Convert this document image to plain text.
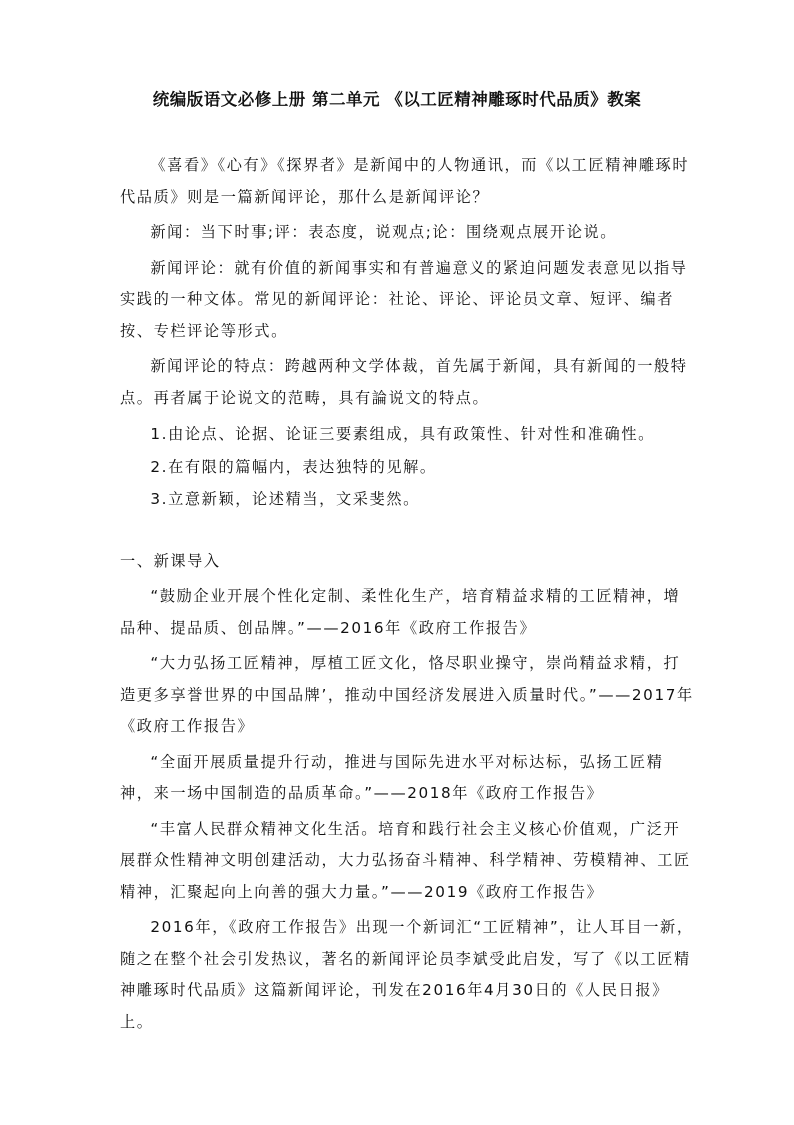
统编版语文必修上册 第二单元 《以工匠精神雕琢时代品质》教案

《喜看》《心有》《探界者》是新闻中的人物通讯，而《以工匠精神雕琢时代品质》则是一篇新闻评论，那什么是新闻评论？

新闻：当下时事;评：表态度，说观点;论：围绕观点展开论说。

新闻评论：就有价值的新闻事实和有普遍意义的紧迫问题发表意见以指导实践的一种文体。常见的新闻评论：社论、评论、评论员文章、短评、编者按、专栏评论等形式。

新闻评论的特点：跨越两种文学体裁，首先属于新闻，具有新闻的一般特点。再者属于论说文的范畴，具有論说文的特点。

1.由论点、论据、论证三要素组成，具有政策性、针对性和准确性。

2.在有限的篇幅内，表达独特的见解。

3.立意新颖，论述精当，文采斐然。

一、新课导入

“鼓励企业开展个性化定制、柔性化生产，培育精益求精的工匠精神，增品种、提品质、创品牌。”——2016年《政府工作报告》

“大力弘扬工匠精神，厚植工匠文化，恪尽职业操守，崇尚精益求精，打造更多享誉世界的中国品牌’，推动中国经济发展进入质量时代。”——2017年《政府工作报告》

“全面开展质量提升行动，推进与国际先进水平对标达标，弘扬工匠精神，来一场中国制造的品质革命。”——2018年《政府工作报告》

“丰富人民群众精神文化生活。培育和践行社会主义核心价值观，广泛开展群众性精神文明创建活动，大力弘扬奋斗精神、科学精神、劳模精神、工匠精神，汇聚起向上向善的强大力量。”——2019《政府工作报告》

2016年，《政府工作报告》出现一个新词汇“工匠精神”，让人耳目一新，随之在整个社会引发热议，著名的新闻评论员李斌受此启发，写了《以工匠精神雕琢时代品质》这篇新闻评论，刊发在2016年4月30日的《人民日报》上。
